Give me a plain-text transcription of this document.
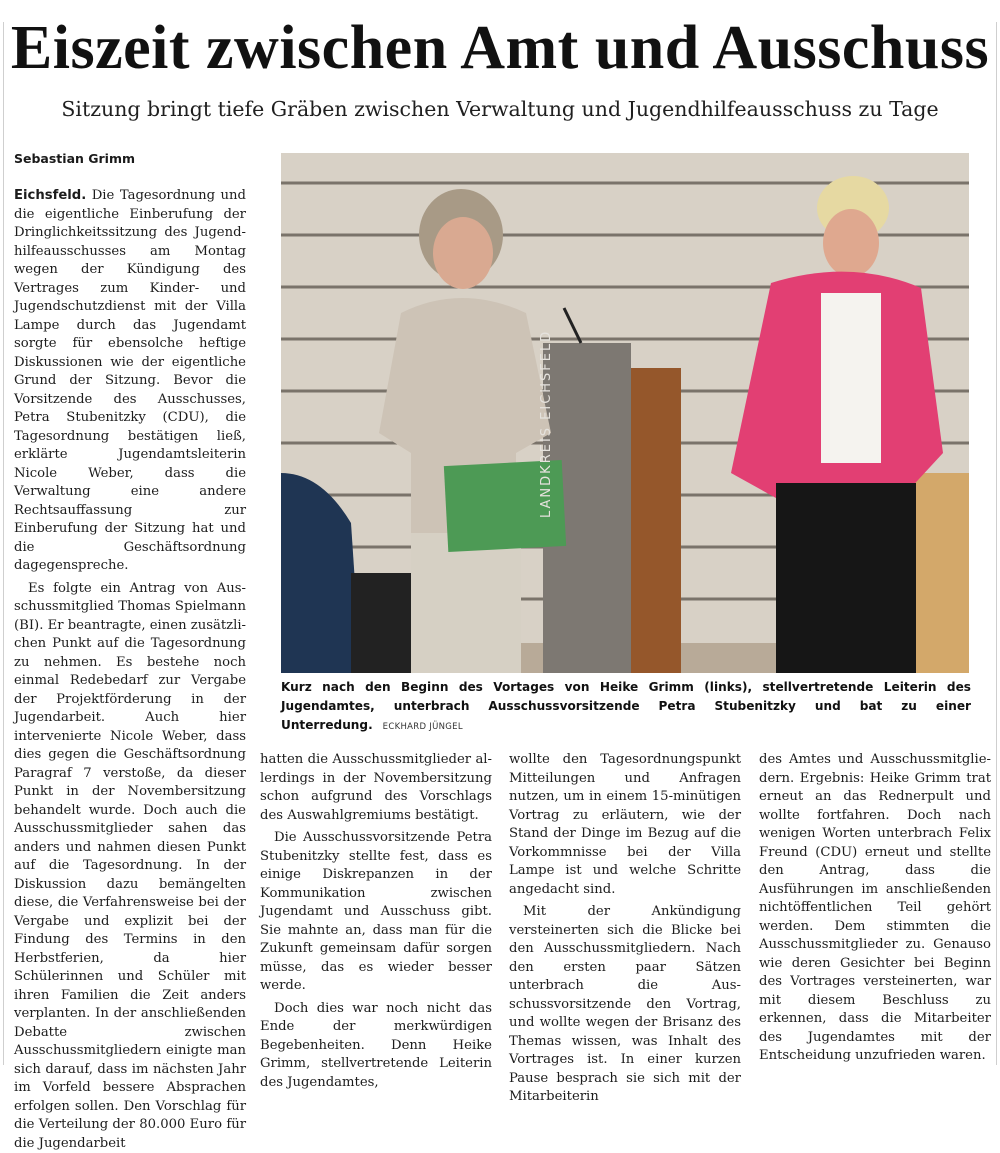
Eiszeit zwischen Amt und Ausschuss
Sitzung bringt tiefe Gräben zwischen Verwaltung und Jugendhilfeausschuss zu Tage
Sebastian Grimm

Eichsfeld. Die Tagesordnung und die eigentliche Einberufung der Dringlichkeitssitzung des Jugendhilfeausschusses am Montag wegen der Kündigung des Vertrages zum Kinder- und Jugendschutzdienst mit der Villa Lampe durch das Jugendamt sorgte für ebensolche heftige Diskussionen wie der eigentliche Grund der Sitzung. Bevor die Vorsitzende des Ausschusses, Petra Stubenitzky (CDU), die Tagesordnung bestätigen ließ, erklärte Jugendamtsleiterin Nicole Weber, dass die Verwaltung eine andere Rechtsauffassung zur Einberufung der Sitzung hat und die Geschäftsordnung dagegenspreche.

Es folgte ein Antrag von Ausschussmitglied Thomas Spielmann (BI). Er beantragte, einen zusätzlichen Punkt auf die Tagesordnung zu nehmen. Es bestehe noch einmal Redebedarf zur Vergabe der Projektförderung in der Jugendarbeit. Auch hier intervenierte Nicole Weber, dass dies gegen die Geschäftsordnung Paragraf 7 verstoße, da dieser Punkt in der Novembersitzung behandelt wurde. Doch auch die Ausschussmitglieder sahen das anders und nahmen diesen Punkt auf die Tagesordnung. In der Diskussion dazu bemängelten diese, die Verfahrensweise bei der Vergabe und explizit bei der Findung des Termins in den Herbstferien, da hier Schülerinnen und Schüler mit ihren Familien die Zeit anders verplanten. In der anschließenden Debatte zwischen Ausschussmitgliedern einigte man sich darauf, dass im nächsten Jahr im Vorfeld bessere Absprachen erfolgen sollen. Den Vorschlag für die Verteilung der 80.000 Euro für die Jugendarbeit

LANDKREIS EICHSFELD
Kurz nach den Beginn des Vortages von Heike Grimm (links), stellvertretende Leiterin des Jugendamtes, unterbrach Ausschussvorsitzende Petra Stubenitzky und bat zu einer Unterredung. ECKHARD JÜNGEL

hatten die Ausschussmitglieder allerdings in der Novembersitzung schon aufgrund des Vorschlags des Auswahlgremiums bestätigt.

Die Ausschussvorsitzende Petra Stubenitzky stellte fest, dass es einige Diskrepanzen in der Kommunikation zwischen Jugendamt und Ausschuss gibt. Sie mahnte an, dass man für die Zukunft gemeinsam dafür sorgen müsse, das es wieder besser werde.

Doch dies war noch nicht das Ende der merkwürdigen Begebenheiten. Denn Heike Grimm, stellvertretende Leiterin des Jugendamtes,

wollte den Tagesordnungspunkt Mitteilungen und Anfragen nutzen, um in einem 15-minütigen Vortrag zu erläutern, wie der Stand der Dinge im Bezug auf die Vorkommnisse bei der Villa Lampe ist und welche Schritte angedacht sind.

Mit der Ankündigung versteinerten sich die Blicke bei den Ausschussmitgliedern. Nach den ersten paar Sätzen unterbrach die Ausschussvorsitzende den Vortrag, und wollte wegen der Brisanz des Themas wissen, was Inhalt des Vortrages ist. In einer kurzen Pause besprach sie sich mit der Mitarbeiterin

des Amtes und Ausschussmitgliedern. Ergebnis: Heike Grimm trat erneut an das Rednerpult und wollte fortfahren. Doch nach wenigen Worten unterbrach Felix Freund (CDU) erneut und stellte den Antrag, dass die Ausführungen im anschließenden nichtöffentlichen Teil gehört werden. Dem stimmten die Ausschussmitglieder zu. Genauso wie deren Gesichter bei Beginn des Vortrages versteinerten, war mit diesem Beschluss zu erkennen, dass die Mitarbeiter des Jugendamtes mit der Entscheidung unzufrieden waren.
